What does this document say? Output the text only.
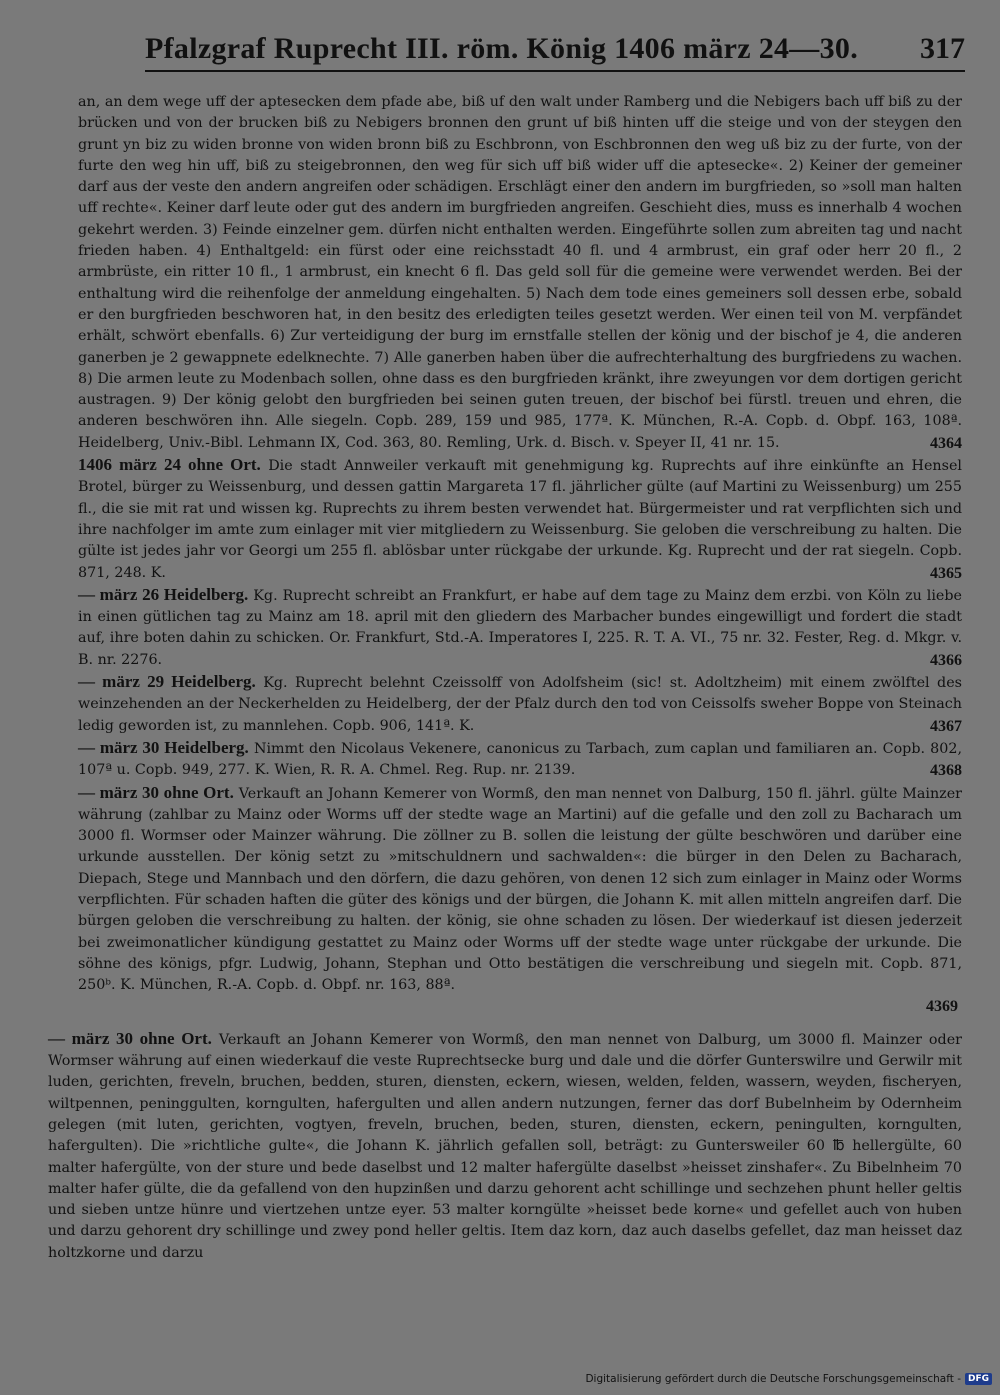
Pfalzgraf Ruprecht III. röm. König 1406 märz 24—30. 317
an, an dem wege uff der aptesecken dem pfade abe, biß uf den walt under Ramberg und die Nebigers bach uff biß zu der brücken und von der brucken biß zu Nebigers bronnen den grunt uf biß hinten uff die steige und von der steygen den grunt yn biz zu widen bronne von widen bronn biß zu Eschbronn, von Eschbronnen den weg uß biz zu der furte, von der furte den weg hin uff, biß zu steigebronnen, den weg für sich uff biß wider uff die aptesecke«. 2) Keiner der gemeiner darf aus der veste den andern angreifen oder schädigen. Erschlägt einer den andern im burgfrieden, so »soll man halten uff rechte«. Keiner darf leute oder gut des andern im burgfrieden angreifen. Geschieht dies, muss es innerhalb 4 wochen gekehrt werden. 3) Feinde einzelner gem. dürfen nicht enthalten werden. Eingeführte sollen zum abreiten tag und nacht frieden haben. 4) Enthaltgeld: ein fürst oder eine reichsstadt 40 fl. und 4 armbrust, ein graf oder herr 20 fl., 2 armbrüste, ein ritter 10 fl., 1 armbrust, ein knecht 6 fl. Das geld soll für die gemeine were verwendet werden. Bei der enthaltung wird die reihenfolge der anmeldung eingehalten. 5) Nach dem tode eines gemeiners soll dessen erbe, sobald er den burgfrieden beschworen hat, in den besitz des erledigten teiles gesetzt werden. Wer einen teil von M. verpfändet erhält, schwört ebenfalls. 6) Zur verteidigung der burg im ernstfalle stellen der könig und der bischof je 4, die anderen ganerben je 2 gewappnete edelknechte. 7) Alle ganerben haben über die aufrechterhaltung des burgfriedens zu wachen. 8) Die armen leute zu Modenbach sollen, ohne dass es den burgfrieden kränkt, ihre zweyungen vor dem dortigen gericht austragen. 9) Der könig gelobt den burgfrieden bei seinen guten treuen, der bischof bei fürstl. treuen und ehren, die anderen beschwören ihn. Alle siegeln. Copb. 289, 159 und 985, 177ª. K. München, R.-A. Copb. d. Obpf. 163, 108ª. Heidelberg, Univ.-Bibl. Lehmann IX, Cod. 363, 80. Remling, Urk. d. Bisch. v. Speyer II, 41 nr. 15.	4364
1406 märz 24 ohne Ort. Die stadt Annweiler verkauft mit genehmigung kg. Ruprechts auf ihre einkünfte an Hensel Brotel, bürger zu Weissenburg, und dessen gattin Margareta 17 fl. jährlicher gülte (auf Martini zu Weissenburg) um 255 fl., die sie mit rat und wissen kg. Ruprechts zu ihrem besten verwendet hat. Bürgermeister und rat verpflichten sich und ihre nachfolger im amte zum einlager mit vier mitgliedern zu Weissenburg. Sie geloben die verschreibung zu halten. Die gülte ist jedes jahr vor Georgi um 255 fl. ablösbar unter rückgabe der urkunde. Kg. Ruprecht und der rat siegeln. Copb. 871, 248. K.	4365
— märz 26 Heidelberg. Kg. Ruprecht schreibt an Frankfurt, er habe auf dem tage zu Mainz dem erzbi. von Köln zu liebe in einen gütlichen tag zu Mainz am 18. april mit den gliedern des Marbacher bundes eingewilligt und fordert die stadt auf, ihre boten dahin zu schicken. Or. Frankfurt, Std.-A. Imperatores I, 225. R. T. A. VI., 75 nr. 32. Fester, Reg. d. Mkgr. v. B. nr. 2276.	4366
— märz 29 Heidelberg. Kg. Ruprecht belehnt Czeissolff von Adolfsheim (sic! st. Adoltzheim) mit einem zwölftel des weinzehenden an der Neckerhelden zu Heidelberg, der der Pfalz durch den tod von Ceissolfs sweher Boppe von Steinach ledig geworden ist, zu mannlehen. Copb. 906, 141ª. K.	4367
— märz 30 Heidelberg. Nimmt den Nicolaus Vekenere, canonicus zu Tarbach, zum caplan und familiaren an. Copb. 802, 107ª u. Copb. 949, 277. K. Wien, R. R. A. Chmel. Reg. Rup. nr. 2139.	4368
— märz 30 ohne Ort. Verkauft an Johann Kemerer von Wormß, den man nennet von Dalburg, 150 fl. jährl. gülte Mainzer währung (zahlbar zu Mainz oder Worms uff der stedte wage an Martini) auf die gefalle und den zoll zu Bacharach um 3000 fl. Wormser oder Mainzer währung. Die zöllner zu B. sollen die leistung der gülte beschwören und darüber eine urkunde ausstellen. Der könig setzt zu »mitschuldnern und sachwalden«: die bürger in den Delen zu Bacharach, Diepach, Stege und Mannbach und den dörfern, die dazu gehören, von denen 12 sich zum einlager in Mainz oder Worms verpflichten. Für schaden haften die güter des königs und der bürgen, die Johann K. mit allen mitteln angreifen darf. Die bürgen geloben die verschreibung zu halten. der könig, sie ohne schaden zu lösen. Der wiederkauf ist diesen jederzeit bei zweimonatlicher kündigung gestattet zu Mainz oder Worms uff der stedte wage unter rückgabe der urkunde. Die söhne des königs, pfgr. Ludwig, Johann, Stephan und Otto bestätigen die verschreibung und siegeln mit. Copb. 871, 250ᵇ. K. München, R.-A. Copb. d. Obpf. nr. 163, 88ª.
4369
— märz 30 ohne Ort. Verkauft an Johann Kemerer von Wormß, den man nennet von Dalburg, um 3000 fl. Mainzer oder Wormser währung auf einen wiederkauf die veste Ruprechtsecke burg und dale und die dörfer Gunterswilre und Gerwilr mit luden, gerichten, freveln, bruchen, bedden, sturen, diensten, eckern, wiesen, welden, felden, wassern, weyden, fischeryen, wiltpennen, peninggulten, korngulten, hafergulten und allen andern nutzungen, ferner das dorf Bubelnheim by Odernheim gelegen (mit luten, gerichten, vogtyen, freveln, bruchen, beden, sturen, diensten, eckern, peningulten, korngulten, hafergulten). Die »richtliche gulte«, die Johann K. jährlich gefallen soll, beträgt: zu Guntersweiler 60 ℔ hellergülte, 60 malter hafergülte, von der sture und bede daselbst und 12 malter hafergülte daselbst »heisset zinshafer«. Zu Bibelnheim 70 malter hafer gülte, die da gefallend von den hupzinßen und darzu gehorent acht schillinge und sechzehen phunt heller geltis und sieben untze hünre und viertzehen untze eyer. 53 malter korngülte »heisset bede korne« und gefellet auch von huben und darzu gehorent dry schillinge und zwey pond heller geltis. Item daz korn, daz auch daselbs gefellet, daz man heisset daz holtzkorne und darzu
Digitalisierung gefördert durch die Deutsche Forschungsgemeinschaft - DFG
